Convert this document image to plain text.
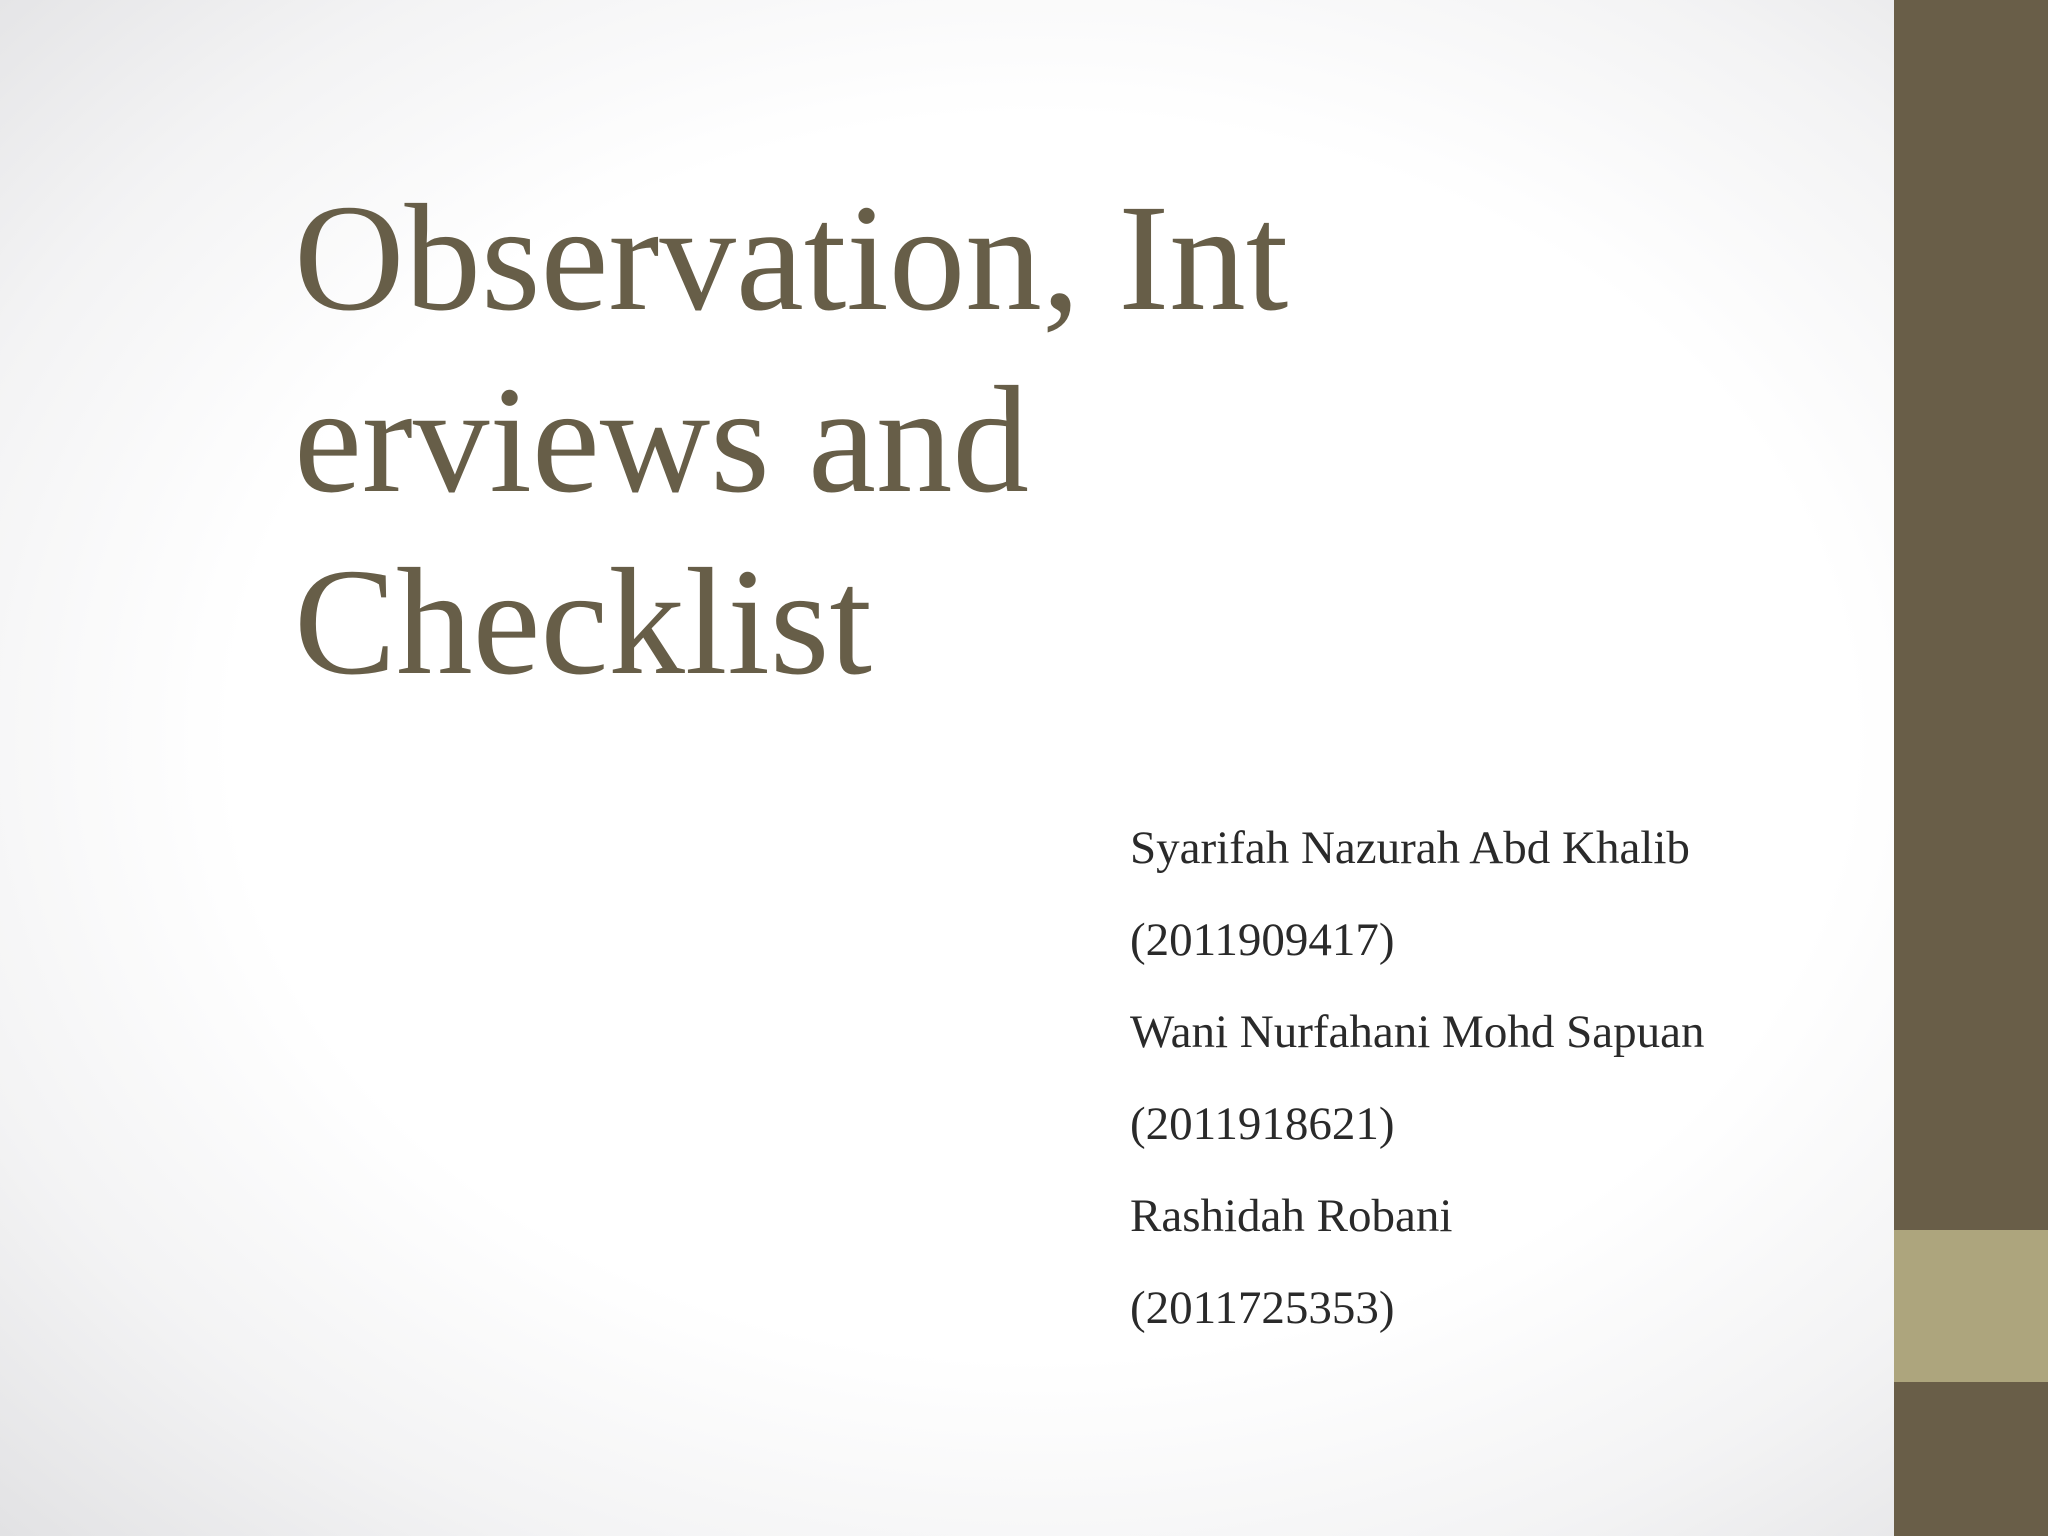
Observation, Int
erviews and
Checklist
Syarifah Nazurah Abd Khalib
(2011909417)
Wani Nurfahani Mohd Sapuan
(2011918621)
Rashidah Robani
(2011725353)
